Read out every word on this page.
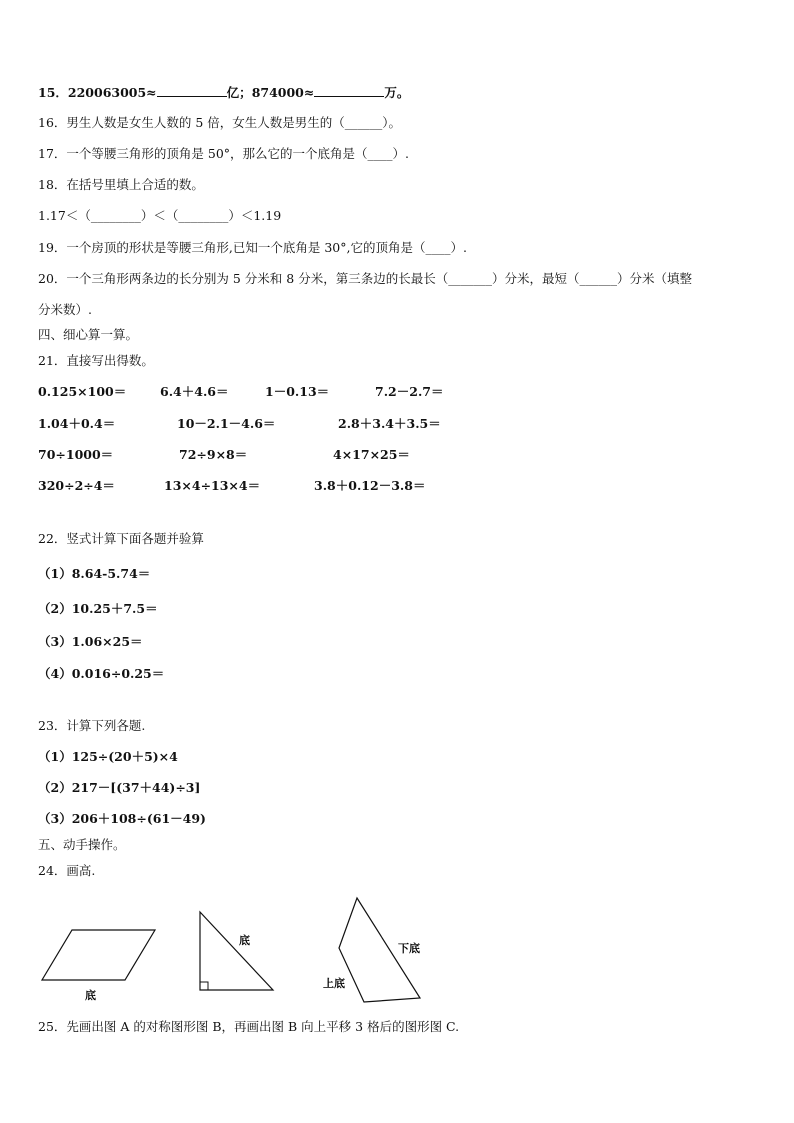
15．220063005≈	亿；874000≈	万。
16．男生人数是女生人数的 5 倍，女生人数是男生的（______）。
17．一个等腰三角形的顶角是 50°，那么它的一个底角是（____）.
18．在括号里填上合适的数。
1.17＜（________）＜（________）＜1.19
19．一个房顶的形状是等腰三角形,已知一个底角是 30°,它的顶角是（____）.
20．一个三角形两条边的长分别为 5 分米和 8 分米，第三条边的长最长（_______）分米，最短（______）分米（填整
分米数）.
四、细心算一算。
21．直接写出得数。
0.125×100＝	6.4＋4.6＝	1－0.13＝	7.2－2.7＝
1.04＋0.4＝	10－2.1－4.6＝	2.8＋3.4＋3.5＝
70÷1000＝	72÷9×8＝	4×17×25＝
320÷2÷4＝	13×4÷13×4＝	3.8＋0.12－3.8＝
22．竖式计算下面各题并验算
（1）8.64-5.74＝
（2）10.25＋7.5＝
（3）1.06×25＝
（4）0.016÷0.25＝
23．计算下列各题.
（1）125÷(20＋5)×4
（2）217－[(37＋44)÷3]
（3）206＋108÷(61－49)
五、动手操作。
24．画高.
底
底
下底
上底
25．先画出图 A 的对称图形图 B，再画出图 B 向上平移 3 格后的图形图 C.
